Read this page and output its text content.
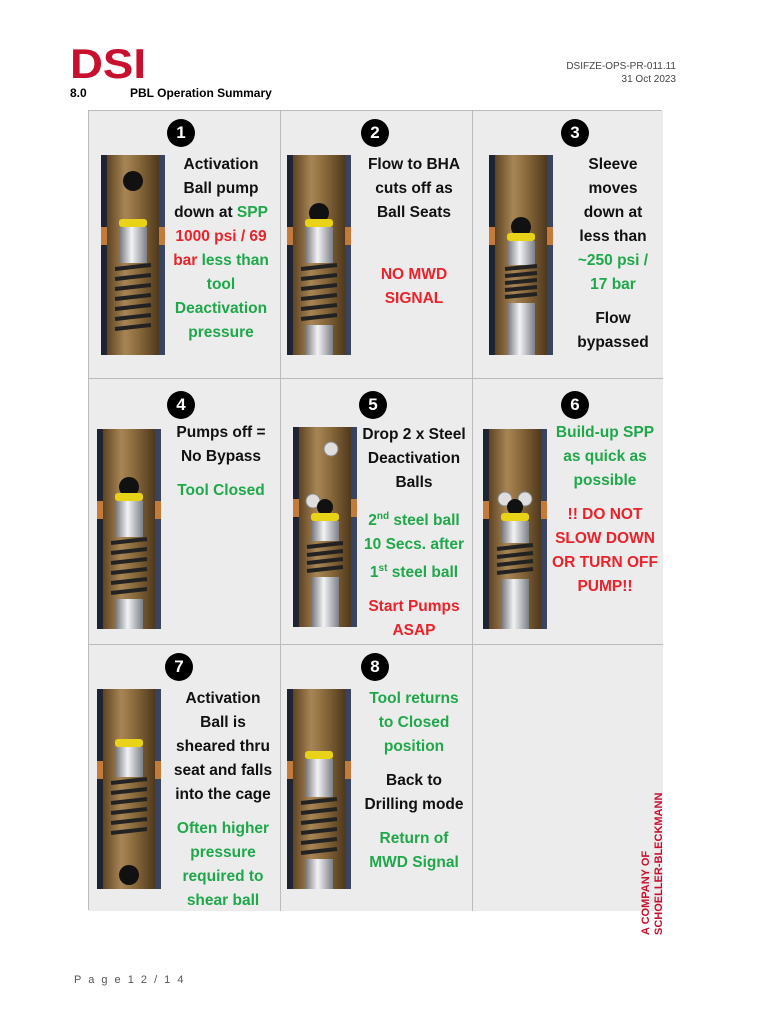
DSI	DSIFZE-OPS-PR-011.11
31 Oct 2023
8.0	PBL Operation Summary
1
Activation
Ball pump
down at SPP
1000 psi / 69
bar less than
tool
Deactivation
pressure
2
Flow to BHA
cuts off as
Ball Seats
NO MWD
SIGNAL
3
Sleeve
moves
down at
less than
~250 psi /
17 bar
Flow
bypassed
4
Pumps off =
No Bypass
Tool Closed
5
Drop 2 x Steel
Deactivation
Balls
2nd steel ball
10 Secs. after
1st steel ball
Start Pumps
ASAP
6
Build-up SPP
as quick as
possible
!! DO NOT
SLOW DOWN
OR TURN OFF
PUMP!!
7
Activation
Ball is
sheared thru
seat and falls
into the cage
Often higher
pressure
required to
shear ball
8
Tool returns
to Closed
position
Back to
Drilling mode
Return of
MWD Signal
P a g e 1 2 / 1 4
A COMPANY OF SCHOELLER-BLECKMANN
